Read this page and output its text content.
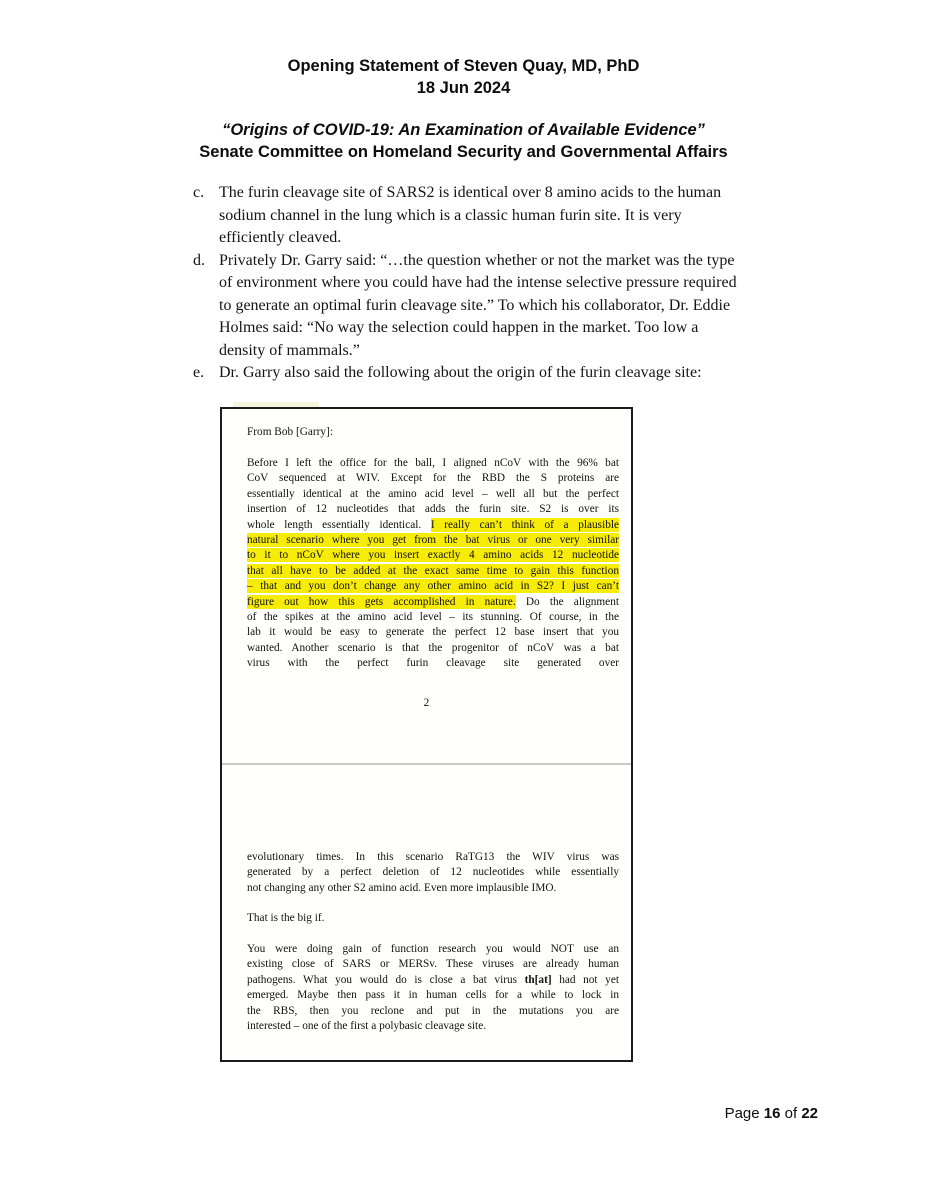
Opening Statement of Steven Quay, MD, PhD
18 Jun 2024
“Origins of COVID-19: An Examination of Available Evidence”
Senate Committee on Homeland Security and Governmental Affairs
c. The furin cleavage site of SARS2 is identical over 8 amino acids to the human
sodium channel in the lung which is a classic human furin site. It is very
efficiently cleaved.
d. Privately Dr. Garry said: “…the question whether or not the market was the type
of environment where you could have had the intense selective pressure required
to generate an optimal furin cleavage site.” To which his collaborator, Dr. Eddie
Holmes said: “No way the selection could happen in the market. Too low a
density of mammals.”
e. Dr. Garry also said the following about the origin of the furin cleavage site:
From Bob [Garry]:
Before I left the office for the ball, I aligned nCoV with the 96% bat
CoV sequenced at WIV. Except for the RBD the S proteins are
essentially identical at the amino acid level – well all but the perfect
insertion of 12 nucleotides that adds the furin site. S2 is over its
whole length essentially identical. I really can’t think of a plausible
natural scenario where you get from the bat virus or one very similar
to it to nCoV where you insert exactly 4 amino acids 12 nucleotide
that all have to be added at the exact same time to gain this function
– that and you don’t change any other amino acid in S2? I just can’t
figure out how this gets accomplished in nature. Do the alignment
of the spikes at the amino acid level – its stunning. Of course, in the
lab it would be easy to generate the perfect 12 base insert that you
wanted. Another scenario is that the progenitor of nCoV was a bat
virus with the perfect furin cleavage site generated over
2
evolutionary times. In this scenario RaTG13 the WIV virus was
generated by a perfect deletion of 12 nucleotides while essentially
not changing any other S2 amino acid. Even more implausible IMO.
That is the big if.
You were doing gain of function research you would NOT use an
existing close of SARS or MERSv. These viruses are already human
pathogens. What you would do is close a bat virus th[at] had not yet
emerged. Maybe then pass it in human cells for a while to lock in
the RBS, then you reclone and put in the mutations you are
interested – one of the first a polybasic cleavage site.
Page 16 of 22
